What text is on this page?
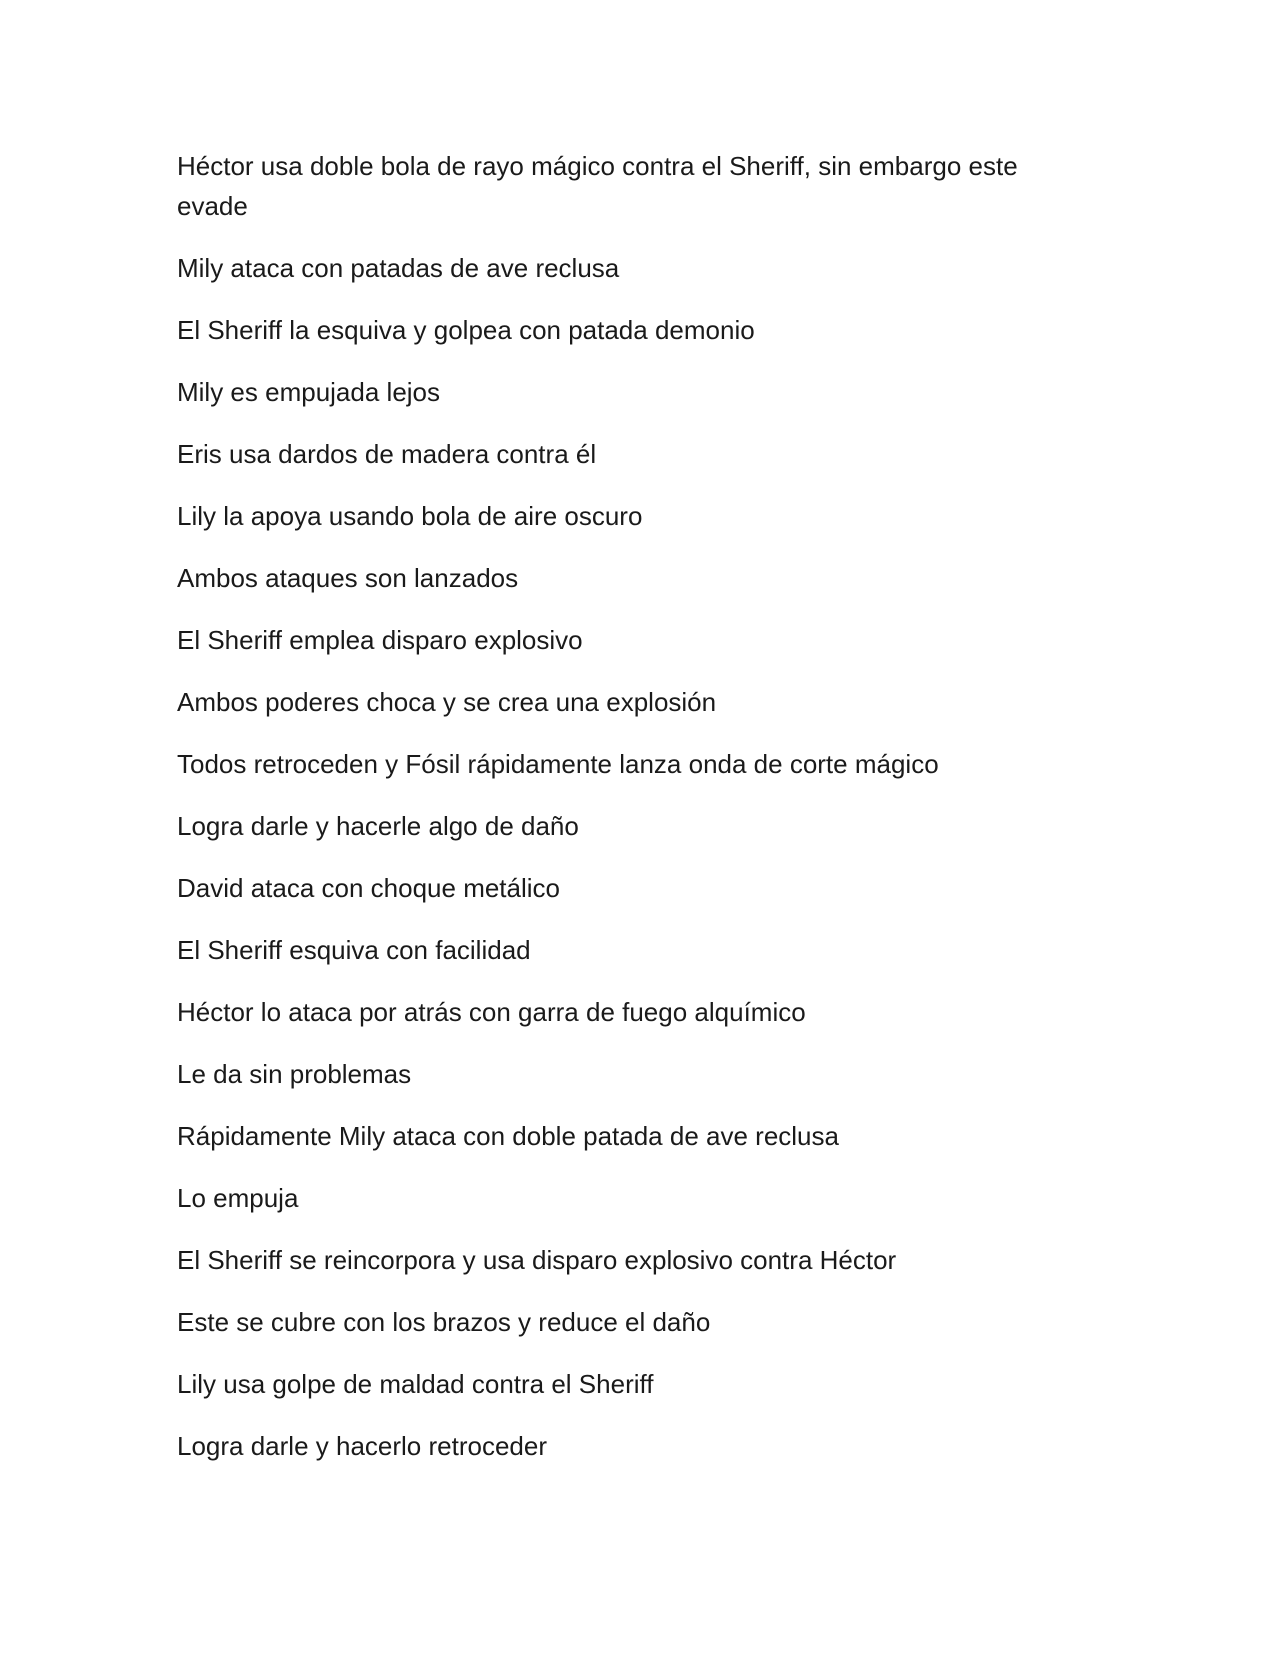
Héctor usa doble bola de rayo mágico contra el Sheriff, sin embargo este evade

Mily ataca con patadas de ave reclusa

El Sheriff la esquiva y golpea con patada demonio

Mily es empujada lejos

Eris usa dardos de madera contra él

Lily la apoya usando bola de aire oscuro

Ambos ataques son lanzados

El Sheriff emplea disparo explosivo

Ambos poderes choca y se crea una explosión

Todos retroceden y Fósil rápidamente lanza onda de corte mágico

Logra darle y hacerle algo de daño

David ataca con choque metálico

El Sheriff esquiva con facilidad

Héctor lo ataca por atrás con garra de fuego alquímico

Le da sin problemas

Rápidamente Mily ataca con doble patada de ave reclusa

Lo empuja

El Sheriff se reincorpora y usa disparo explosivo contra Héctor

Este se cubre con los brazos y reduce el daño

Lily usa golpe de maldad contra el Sheriff

Logra darle y hacerlo retroceder
